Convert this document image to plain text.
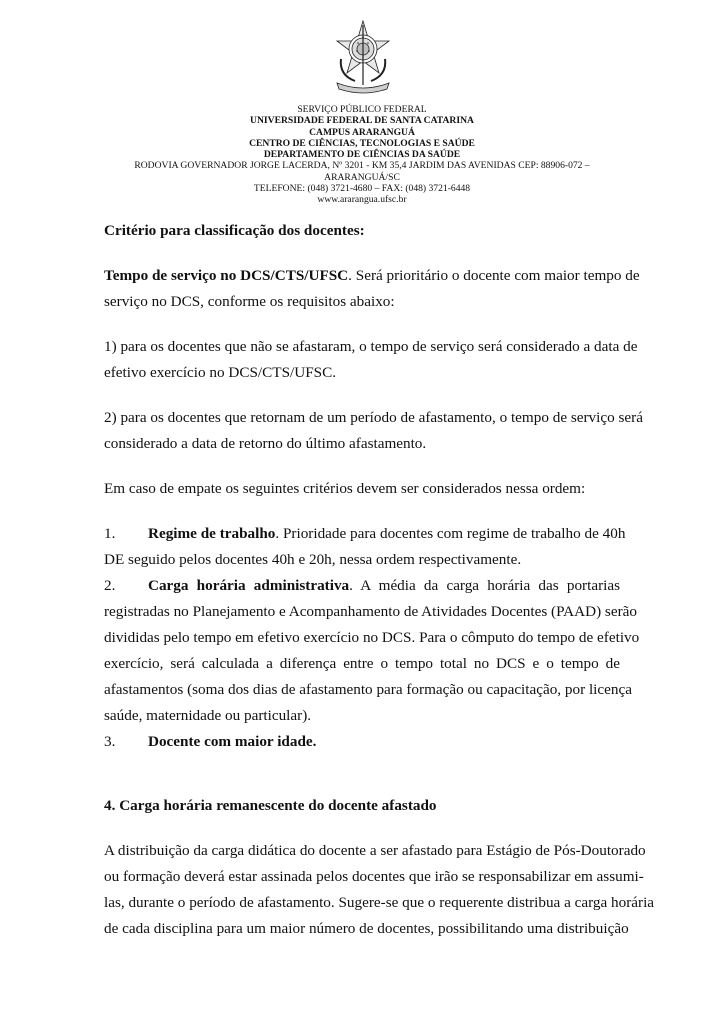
SERVIÇO PÚBLICO FEDERAL
UNIVERSIDADE FEDERAL DE SANTA CATARINA
CAMPUS ARARANGUÁ
CENTRO DE CIÊNCIAS, TECNOLOGIAS E SAÚDE
DEPARTAMENTO DE CIÊNCIAS DA SAÚDE
RODOVIA GOVERNADOR JORGE LACERDA, Nº 3201 - KM 35,4 JARDIM DAS AVENIDAS CEP: 88906-072 –
ARARANGUÁ/SC
TELEFONE: (048) 3721-4680 – FAX: (048) 3721-6448
www.ararangua.ufsc.br
Critério para classificação dos docentes:
Tempo de serviço no DCS/CTS/UFSC. Será prioritário o docente com maior tempo de
serviço no DCS, conforme os requisitos abaixo:
1) para os docentes que não se afastaram, o tempo de serviço será considerado a data de
efetivo exercício no DCS/CTS/UFSC.
2) para os docentes que retornam de um período de afastamento, o tempo de serviço será
considerado a data de retorno do último afastamento.
Em caso de empate os seguintes critérios devem ser considerados nessa ordem:
1. Regime de trabalho. Prioridade para docentes com regime de trabalho de 40h
DE seguido pelos docentes 40h e 20h, nessa ordem respectivamente.
2. Carga horária administrativa. A média da carga horária das portarias
registradas no Planejamento e Acompanhamento de Atividades Docentes (PAAD) serão
divididas pelo tempo em efetivo exercício no DCS. Para o cômputo do tempo de efetivo
exercício, será calculada a diferença entre o tempo total no DCS e o tempo de
afastamentos (soma dos dias de afastamento para formação ou capacitação, por licença
saúde, maternidade ou particular).
3. Docente com maior idade.
4. Carga horária remanescente do docente afastado
A distribuição da carga didática do docente a ser afastado para Estágio de Pós-Doutorado
ou formação deverá estar assinada pelos docentes que irão se responsabilizar em assumi-
las, durante o período de afastamento. Sugere-se que o requerente distribua a carga horária
de cada disciplina para um maior número de docentes, possibilitando uma distribuição
